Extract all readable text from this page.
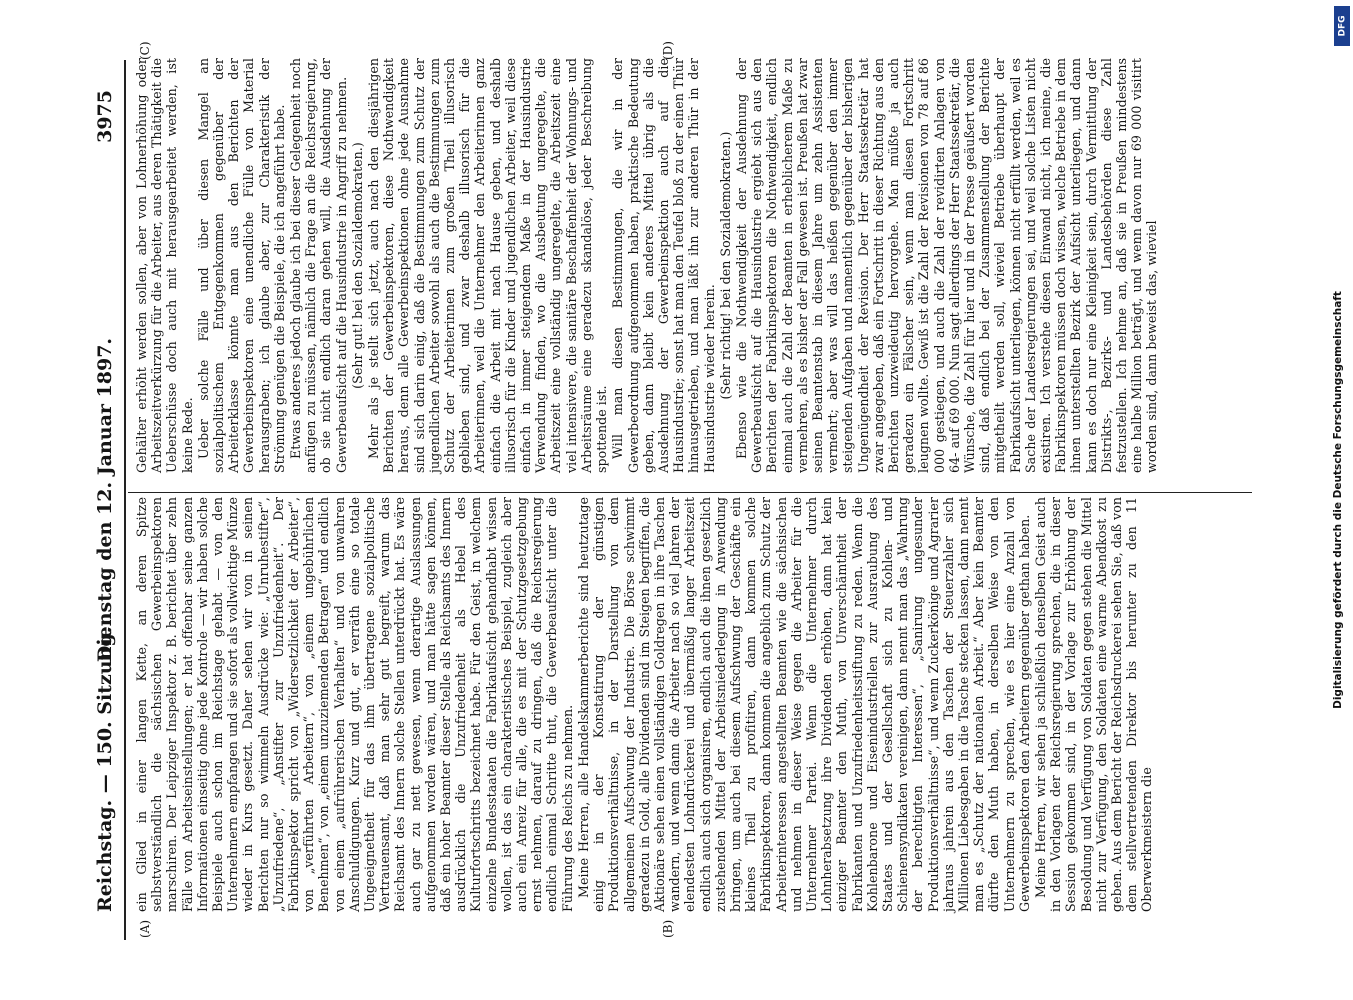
Reichstag. — 150. Sitzung.
Dienstag den 12. Januar 1897.
3975
(A)	(B)
(C)	(D)

ein Glied in einer langen Kette, an deren Spitze selbstverständlich die sächsischen Gewerbeinspektoren marschiren. Der Leipziger Inspektor z. B. berichtet über zehn Fälle von Arbeitseinstellungen; er hat offenbar seine ganzen Informationen einseitig ohne jede Kontrole — wir haben solche Beispiele auch schon im Reichstage gehabt — von den Unternehmern empfangen und sie sofort als vollwichtige Münze wieder in Kurs gesetzt. Daher sehen wir von in seinen Berichten nur so wimmeln Ausdrücke wie: „Unruhestifter“, „Unzufriedene“, „Anstifter zur Unzufriedenheit“. Der Fabrikinspektor spricht von „Widersetzlichkeit der Arbeiter“, von „verführten Arbeitern“, von „einem ungebührlichen Benehmen“, von „einem unzuziemenden Betragen“ und endlich von einem „aufrührerischen Verhalten“ und von unwahren Anschuldigungen. Kurz und gut, er verräth eine so totale Ungeeignetheit für das ihm übertragene sozialpolitische Vertrauensamt, daß man sehr gut begreift, warum das Reichsamt des Innern solche Stellen unterdrückt hat. Es wäre auch gar zu nett gewesen, wenn derartige Auslassungen aufgenommen worden wären, und man hätte sagen können, daß ein hoher Beamter dieser Stelle als Reichsamts des Innern ausdrücklich die Unzufriedenheit als Hebel des Kulturfortschritts bezeichnet habe. Für den Geist, in welchem einzelne Bundesstaaten die Fabrikaufsicht gehandhabt wissen wollen, ist das ein charakteristisches Beispiel, zugleich aber auch ein Anreiz für alle, die es mit der Schutzgesetzgebung ernst nehmen, darauf zu dringen, daß die Reichsregierung endlich einmal Schritte thut, die Gewerbeaufsicht unter die Führung des Reichs zu nehmen. Meine Herren, alle Handelskammerberichte sind heutzutage einig in der Konstatirung der günstigen Produktionsverhältnisse, in der Darstellung von dem allgemeinen Aufschwung der Industrie. Die Börse schwimmt geradezu in Gold, alle Dividenden sind im Steigen begriffen, die Aktionäre sehen einen vollständigen Goldregen in ihre Taschen wandern, und wenn dann die Arbeiter nach so viel Jahren der elendesten Lohndrückerei und übermäßig langer Arbeitszeit endlich auch sich organisiren, endlich auch die ihnen gesetzlich zustehenden Mittel der Arbeitsniederlegung in Anwendung bringen, um auch bei diesem Aufschwung der Geschäfte ein kleines Theil zu profitiren, dann kommen solche Fabrikinspektoren, dann kommen die angeblich zum Schutz der Arbeiterinteressen angestellten Beamten wie die sächsischen und nehmen in dieser Weise gegen die Arbeiter für die Unternehmer Partei. Wenn die Unternehmer durch Lohnherabsetzung ihre Dividenden erhöhen, dann hat kein einziger Beamter den Muth, von Unverschämtheit der Fabrikanten und Unzufriedenheitsstiftung zu reden. Wenn die Kohlenbarone und Eisenindustriellen zur Ausraubung des Staates und der Gesellschaft sich zu Kohlen- und Schienensyndikaten vereinigen, dann nennt man das „Wahrung der berechtigten Interessen“, „Sanirung ungesunder Produktionsverhältnisse“, und wenn Zuckerkönige und Agrarier jahraus jahrein aus den Taschen der Steuerzahler sich Millionen Liebesgaben in die Tasche stecken lassen, dann nennt man es „Schutz der nationalen Arbeit.“ Aber kein Beamter dürfte den Muth haben, in derselben Weise von den Unternehmern zu sprechen, wie es hier eine Anzahl von Gewerbeinspektoren den Arbeitern gegenüber gethan haben. Meine Herren, wir sehen ja schließlich denselben Geist auch in den Vorlagen der Reichsregierung sprechen, die in dieser Session gekommen sind, in der Vorlage zur Erhöhung der Besoldung und Verfügung von Soldaten gegen stehen die Mittel nicht zur Verfügung, den Soldaten eine warme Abendkost zu geben. Aus dem Bericht der Reichsdruckerei sehen Sie, daß von dem stellvertretenden Direktor bis herunter zu den 11 Oberwerkmeistern die

Gehälter erhöht werden sollen, aber von Lohnerhöhung oder Arbeitszeitverkürzung für die Arbeiter, aus deren Thätigkeit die Ueberschüsse doch auch mit herausgearbeitet werden, ist keine Rede. Ueber solche Fälle und über diesen Mangel an sozialpolitischem Entgegenkommen gegenüber der Arbeiterklasse könnte man aus den Berichten der Gewerbeinspektoren eine unendliche Fülle von Material herausgraben; ich glaube aber, zur Charakteristik der Strömung genügen die Beispiele, die ich angeführt habe. Etwas anderes jedoch glaube ich bei dieser Gelegenheit noch anfügen zu müssen, nämlich die Frage an die Reichsregierung, ob sie nicht endlich daran gehen will, die Ausdehnung der Gewerbeaufsicht auf die Hausindustrie in Angriff zu nehmen. (Sehr gut! bei den Sozialdemokraten.) Mehr als je stellt sich jetzt, auch nach den diesjährigen Berichten der Gewerbeinspektoren, diese Nothwendigkeit heraus, denn alle Gewerbeinspektionen ohne jede Ausnahme sind sich darin einig, daß die Bestimmungen zum Schutz der jugendlichen Arbeiter sowohl als auch die Bestimmungen zum Schutz der Arbeiterinnen zum großen Theil illusorisch geblieben sind, und zwar deshalb illusorisch für die Arbeiterinnen, weil die Unternehmer den Arbeiterinnen ganz einfach die Arbeit mit nach Hause geben, und deshalb illusorisch für die Kinder und jugendlichen Arbeiter, weil diese einfach in immer steigendem Maße in der Hausindustrie Verwendung finden, wo die Ausbeutung ungeregelte, die Arbeitszeit eine vollständig ungeregelte, die Arbeitszeit eine viel intensivere, die sanitäre Beschaffenheit der Wohnungs- und Arbeitsräume eine geradezu skandalöse, jeder Beschreibung spottende ist. Will man diesen Bestimmungen, die wir in der Gewerbeordnung aufgenommen haben, praktische Bedeutung geben, dann bleibt kein anderes Mittel übrig als die Ausdehnung der Gewerbeinspektion auch auf die Hausindustrie; sonst hat man den Teufel bloß zu der einen Thür hinausgetrieben, und man läßt ihn zur anderen Thür in der Hausindustrie wieder herein. (Sehr richtig! bei den Sozialdemokraten.) Ebenso wie die Nothwendigkeit der Ausdehnung der Gewerbeaufsicht auf die Hausindustrie ergiebt sich aus den Berichten der Fabrikinspektoren die Nothwendigkeit, endlich einmal auch die Zahl der Beamten in erheblicherem Maße zu vermehren, als es bisher der Fall gewesen ist. Preußen hat zwar seinen Beamtenstab in diesem Jahre um zehn Assistenten vermehrt; aber was will das heißen gegenüber den immer steigenden Aufgaben und namentlich gegenüber der bisherigen Ungenügendheit der Revision. Der Herr Staatssekretär hat zwar angegeben, daß ein Fortschritt in dieser Richtung aus den Berichten unzweideutig hervorgehe. Man müßte ja auch geradezu ein Fälscher sein, wenn man diesen Fortschritt leugnen wollte. Gewiß ist die Zahl der Revisionen von 78 auf 86 000 gestiegen, und auch die Zahl der revidirten Anlagen von 64- auf 69 000. Nun sagt allerdings der Herr Staatssekretär, die Wünsche, die Zahl für hier und in der Presse geäußert worden sind, daß endlich bei der Zusammenstellung der Berichte mitgetheilt werden soll, wieviel Betriebe überhaupt der Fabrikaufsicht unterliegen, können nicht erfüllt werden, weil es Sache der Landesregierungen sei, und weil solche Listen nicht existiren. Ich verstehe diesen Einwand nicht, ich meine, die Fabrikinspektoren müssen doch wissen, welche Betriebe in dem ihnen unterstellten Bezirk der Aufsicht unterliegen, und dann kann es doch nur eine Kleinigkeit sein, durch Vermittlung der Distrikts-, Bezirks- und Landesbehörden diese Zahl festzustellen. Ich nehme an, daß sie in Preußen mindestens eine halbe Million beträgt, und wenn davon nur 69 000 visitirt worden sind, dann beweist das, wieviel

DFG
Digitalisierung gefördert durch die Deutsche Forschungsgemeinschaft
